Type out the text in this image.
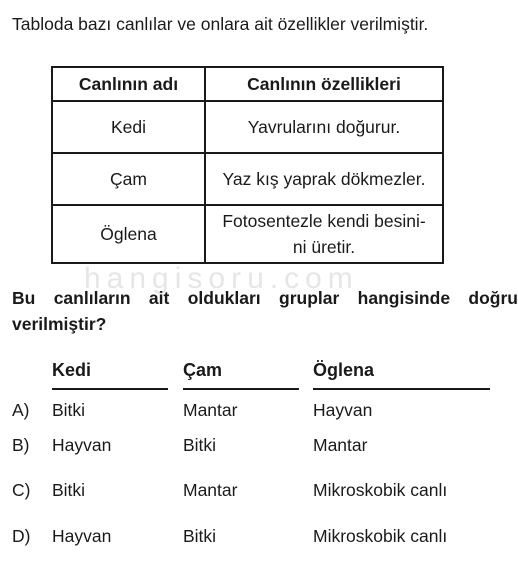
Tabloda bazı canlılar ve onlara ait özellikler verilmiştir.
Canlının adı	Canlının özellikleri
Kedi	Yavrularını doğurur.
Çam	Yaz kış yaprak dökmezler.
Öglena	Fotosentezle kendi besini-
ni üretir.
hangisoru.com
Bu canlıların ait oldukları gruplar hangisinde doğru
verilmiştir?
Kedi	Çam	Öglena
A) Bitki	Mantar	Hayvan
B) Hayvan	Bitki	Mantar
C) Bitki	Mantar	Mikroskobik canlı
D) Hayvan	Bitki	Mikroskobik canlı
